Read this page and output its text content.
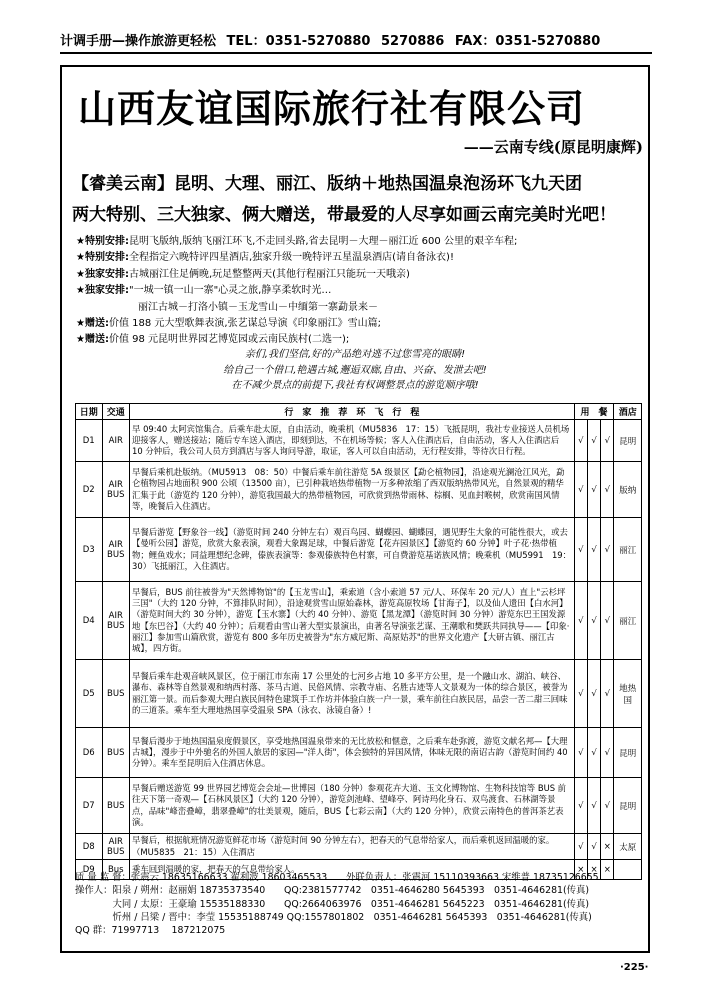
计调手册—操作旅游更轻松 TEL：0351-5270880 5270886 FAX：0351-5270880
山西友谊国际旅行社有限公司
——云南专线(原昆明康辉)
【睿美云南】昆明、大理、丽江、版纳＋地热国温泉泡汤环飞九天团
两大特别、三大独家、俩大赠送，带最爱的人尽享如画云南完美时光吧！
★特别安排:昆明飞版纳,版纳飞丽江环飞,不走回头路,省去昆明－大理－丽江近 600 公里的艰辛车程;
★特别安排:全程指定六晚特评四星酒店,独家升级一晚特评五星温泉酒店(请自备泳衣)!
★独家安排:古城丽江住足俩晚,玩足整整两天(其他行程丽江只能玩一天哦亲)
★独家安排:"一城一镇一山一寨"心灵之旅,静享柔软时光…
丽江古城－打洛小镇－玉龙雪山－中缅第一寨勐景来－
★赠送:价值 188 元大型歌舞表演,张艺谋总导演《印象丽江》雪山篇;
★赠送:价值 98 元昆明世界园艺博览园或云南民族村(二选一);
亲们,我们坚信,好的产品绝对逃不过您雪亮的眼睛!
给自己一个借口,艳遇古城,邂逅双廊,自由、兴奋、发泄去吧!
在不减少景点的前提下,我社有权调整景点的游览顺序哦!
日期	交通	行　家　推　荐　环　飞　行　程	用　餐			酒店
D1	AIR	早 09:40 太阿宾馆集合。后乘车赴太原，自由活动，晚乘机（MU5836　17：15）飞抵昆明，我社专业接送人员机场迎接客人，赠送接站；随后专车送入酒店，即刻到达，不在机场等候；客人入住酒店后，自由活动，客人入住酒店后 10 分钟后，我公司人员方到酒店与客人询问导游，取证，客人可以自由活动，无行程安排，等待次日行程。	√	√	√	昆明
D2	AIR BUS	早餐后乘机赴版纳。（MU5913　08：50）中餐后乘车前往游览 5A 级景区【勐仑植物园】，沿途观光澜沧江风光，勐仑植物园占地面积 900 公顷（13500 亩），已引种栽培热带植物一万多种浓缩了西双版纳热带风光，自然景观的精华汇集于此（游览约 120 分钟），游览我国最大的热带植物园，可欣赏到热带雨林、棕榈、见血封喉树，欣赏南国风情等，晚餐后入住酒店。	√	√	√	版纳
D3	AIR BUS	早餐后游览【野象谷一线】（游览时间 240 分钟左右）观百鸟园、蝴蝶园、蝴蝶园，遇见野生大象的可能性很大，或去【曼听公园】游览，欣赏大象表演，观看大象踢足球，中餐后游览【花卉园景区】【游览约 60 分钟】叶子花·热带植物；鲤鱼戏水；同益理想纪念碑，傣族表演等：参观傣族特色村寨，可自费游览基诺族风情；晚乘机（MU5991　19：30）飞抵丽江，入住酒店。	√	√	√	丽江
D4	AIR BUS	早餐后，BUS 前往被誉为"天然博物馆"的【玉龙雪山】，乘索道（含小索道 57 元/人、环保车 20 元/人）直上"云杉坪三国"（大约 120 分钟，不算排队时间），沿途观赏雪山原始森林，游览高原牧场【甘海子】，以及仙人遗田【白水河】（游览时间大约 30 分钟），游览【玉水寨】（大约 40 分钟）、游览【黑龙潭】（游览时间 30 分钟）游览东巴王国发源地【东巴谷】（大约 40 分钟）；后观看由雪山著大型实景演出，由著名导演张艺谋、王潮歌和樊跃共同执导——【印象·丽江】参加雪山篇欣赏，游览有 800 多年历史被誉为"东方威尼斯、高原姑苏"的世界文化遗产【大研古镇、丽江古城】，四方街。	√	√	√	丽江
D5	BUS	早餐后乘车赴观音峡风景区，位于丽江市东南 17 公里处的七河乡占地 10 多平方公里，是一个融山水、湖泊、峡谷、瀑布、森林等自然景观和纳西村落、茶马古道、民俗风情、宗教寺庙、名胜古迹等人文景观为一体的综合景区，被誉为丽江第一景。而后参观大理白族民间特色建筑手工作坊并体验白族一户一景，乘车前往白族民居，品尝一苦二甜三回味的三道茶。乘车至大理地热国享受温泉 SPA（泳衣、泳镜自备）!	√	√	√	地热国
D6	BUS	早餐后漫步于地热国温泉度假景区，享受地热国温泉带来的无比放松和惬意，之后乘车赴弥渡，游览文献名邦—【大理古城】，漫步于中外驰名的外国人旅居的家园—"洋人街"，体会独特的异国风情，体味无限的南诏古韵（游览时间约 40 分钟）。乘车至昆明后入住酒店休息。	√	√	√	昆明
D7	BUS	早餐后赠送游览 99 世界园艺博览会会址—世博园（180 分钟）参观花卉大道、玉文化博物馆、生物科技馆等 BUS 前往天下第一奇观—【石林风景区】（大约 120 分钟），游览剑池峰、望峰亭、阿诗玛化身石、双鸟渡食、石林湖等景点，品味"峰峦叠嶂，翡翠叠嶂"的壮美景观，随后，BUS【七彩云南】（大约 120 分钟），欣赏云南特色的普洱茶艺表演。	√	√	√	昆明
D8	AIR BUS	早餐后，根据航班情况游览鲜花市场（游览时间 90 分钟左右），把春天的气息带给家人，而后乘机返回温暖的家。（MU5835　21：15）入住酒店	√	√	×	太原
D9	Bus	乘车回到温暖的家，把春天的气息带给家人。	×	×	×	
质 量 监 督：张震云 18635166633 翟利波 18603465533　　外联负责人：张震河 15110393663 宋维普 18735126655
操作人：阳泉 / 朔州：赵丽娟 18735373540　　QQ:2381577742　0351-4646280 5645393　0351-4646281(传真)
　　　　大同 / 太原：王豪瑜 15535188330　　QQ:2664063976　0351-4646281 5645223　0351-4646281(传真)
　　　　忻州 / 吕梁 / 晋中：李莹 15535188749 QQ:1557801802　0351-4646281 5645393　0351-4646281(传真)
QQ 群：71997713　 187212075
·225·
